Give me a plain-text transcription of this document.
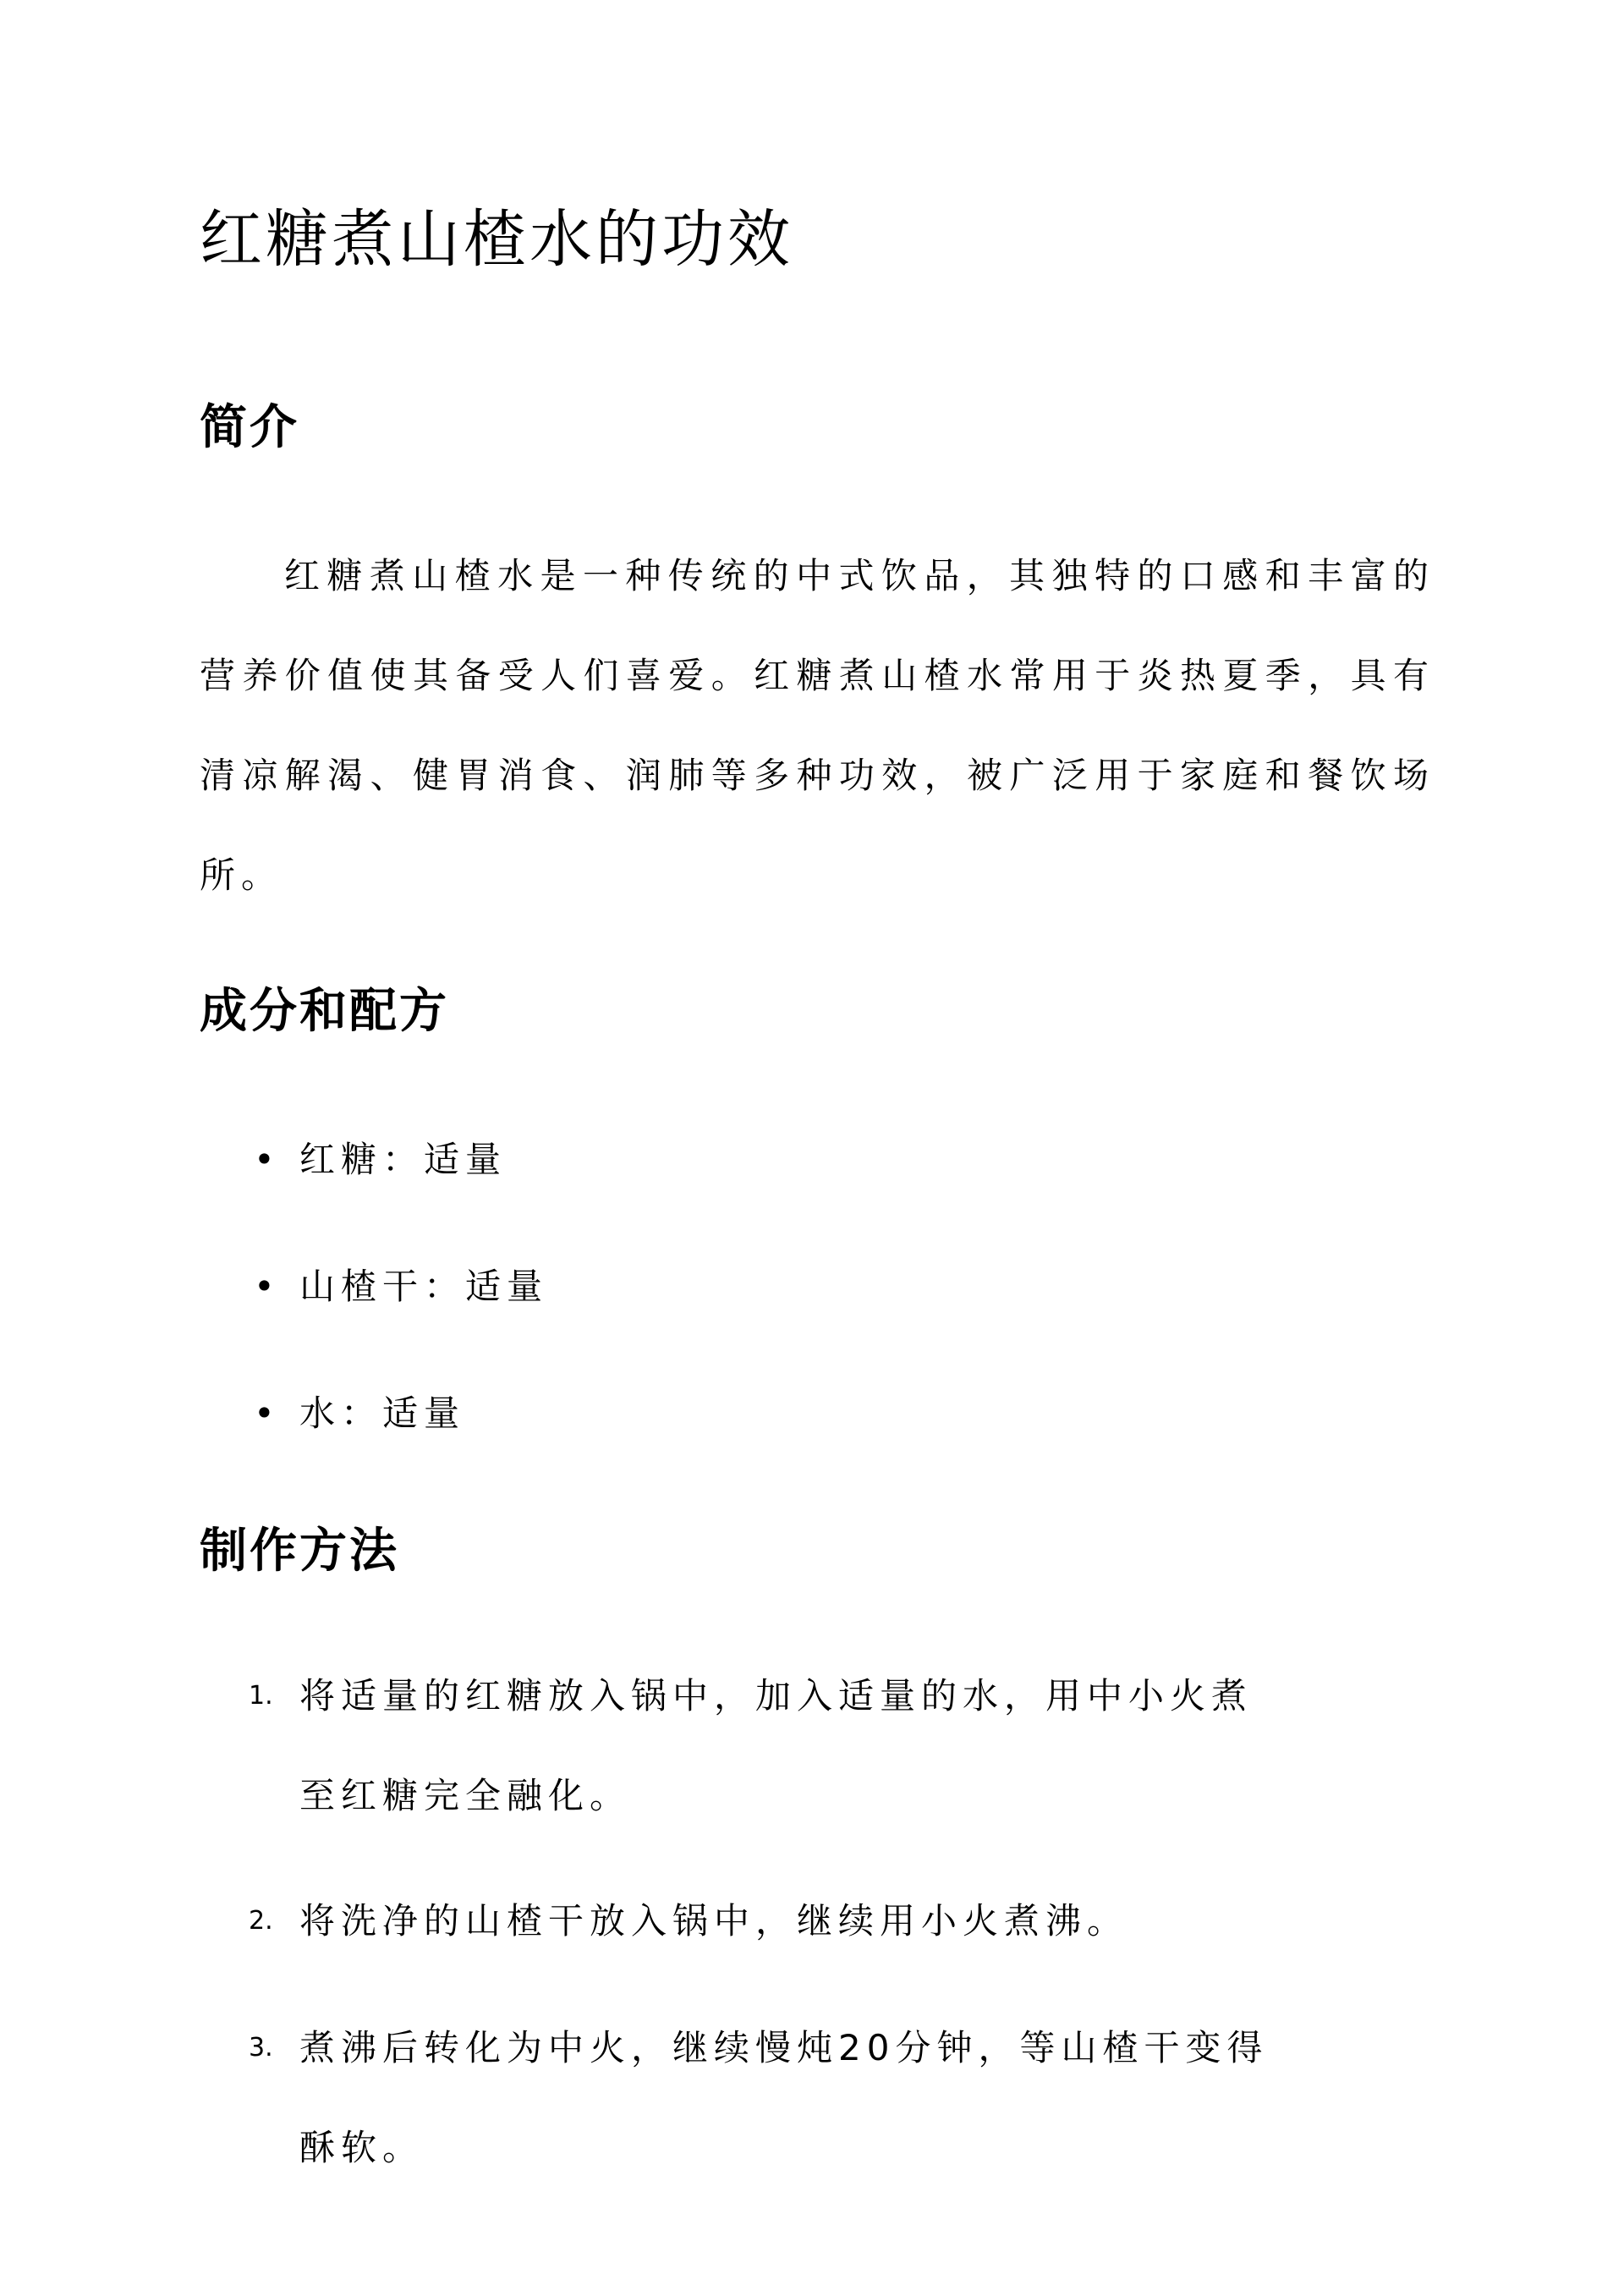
红糖煮山楂水的功效
简介

红糖煮山楂水是一种传统的中式饮品，其独特的口感和丰富的营养价值使其备受人们喜爱。红糖煮山楂水常用于炎热夏季，具有清凉解渴、健胃消食、润肺等多种功效，被广泛用于家庭和餐饮场所。

成分和配方
• 红糖：适量
• 山楂干：适量
• 水：适量
制作方法
1. 将适量的红糖放入锅中，加入适量的水，用中小火煮至红糖完全融化。
2. 将洗净的山楂干放入锅中，继续用小火煮沸。
3. 煮沸后转化为中火，继续慢炖20分钟，等山楂干变得酥软。
